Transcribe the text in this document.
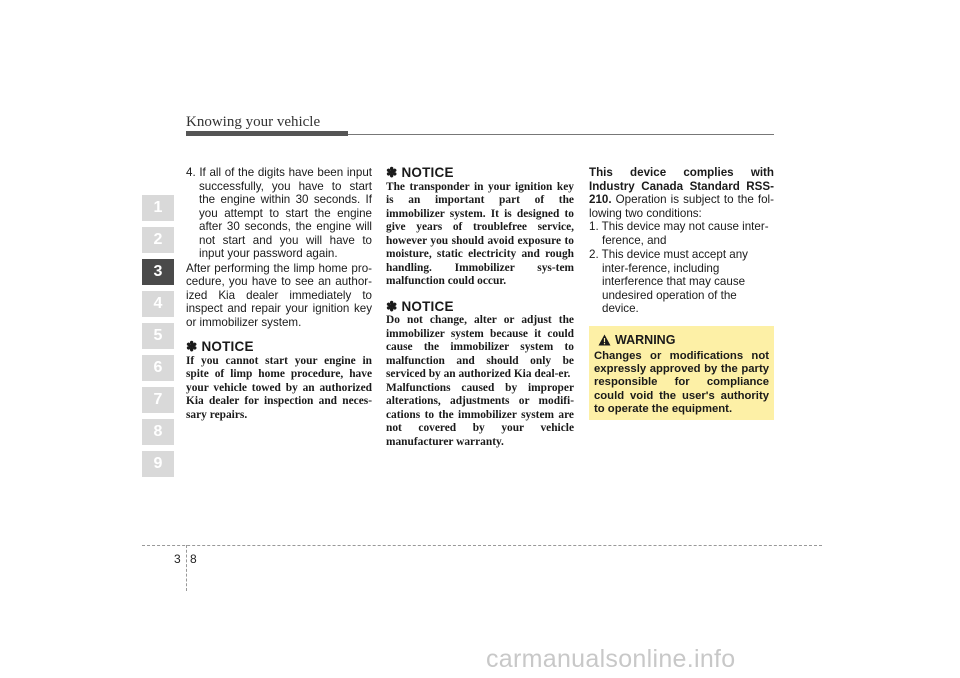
Knowing your vehicle
1
2
3
4
5
6
7
8
9

4. If all of the digits have been input successfully, you have to start the engine within 30 seconds. If you attempt to start the engine after 30 seconds, the engine will not start and you will have to input your password again.

After performing the limp home pro-cedure, you have to see an author-ized Kia dealer immediately to inspect and repair your ignition key or immobilizer system.

✽ NOTICE

If you cannot start your engine in spite of limp home procedure, have your vehicle towed by an authorized Kia dealer for inspection and neces-sary repairs.

✽ NOTICE

The transponder in your ignition key is an important part of the immobilizer system. It is designed to give years of troublefree service, however you should avoid exposure to moisture, static electricity and rough handling. Immobilizer sys-tem malfunction could occur.

✽ NOTICE

Do not change, alter or adjust the immobilizer system because it could cause the immobilizer system to malfunction and should only be serviced by an authorized Kia deal-er.

Malfunctions caused by improper alterations, adjustments or modifi-cations to the immobilizer system are not covered by your vehicle manufacturer warranty.

This device complies with Industry Canada Standard RSS-210. Operation is subject to the fol-lowing two conditions:

1. This device may not cause inter-ference, and

2. This device must accept any inter-ference, including interference that may cause undesired operation of the device.

WARNING

Changes or modifications not expressly approved by the party responsible for compliance could void the user's authority to operate the equipment.

3 8
carmanualsonline.info
